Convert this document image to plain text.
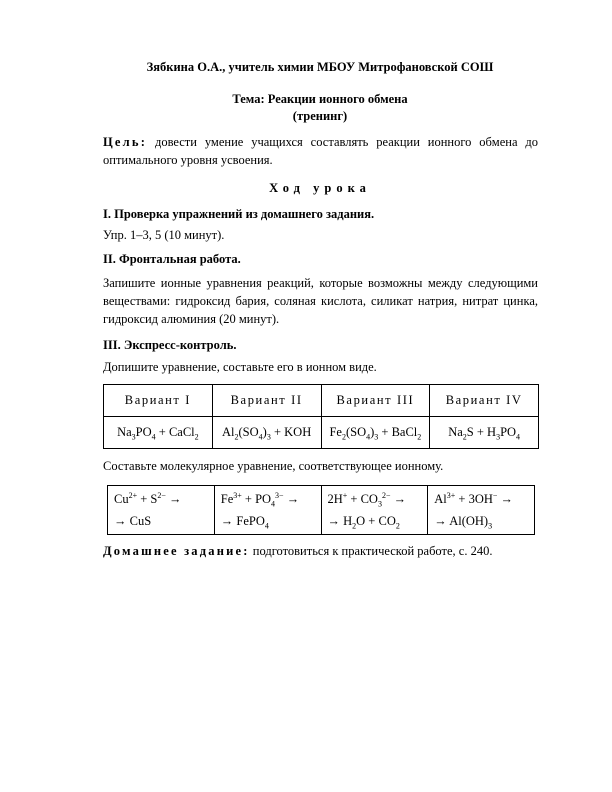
Зябкина О.А., учитель химии МБОУ Митрофановской СОШ
Тема: Реакции ионного обмена
(тренинг)
Цель: довести умение учащихся составлять реакции ионного обмена до
оптимального уровня усвоения.
Ход урока
I. Проверка упражнений из домашнего задания.
Упр. 1–3, 5 (10 минут).
II. Фронтальная работа.
Запишите ионные уравнения реакций, которые возможны между следующими
веществами: гидроксид бария, соляная кислота, силикат натрия, нитрат цинка,
гидроксид алюминия (20 минут).
III. Экспресс-контроль.
Допишите уравнение, составьте его в ионном виде.
Вариант I	Вариант II	Вариант III	Вариант IV
$Na_3PO_4$ + CaCl$_2$	$Al_2(SO_4)_3$ + KOH	$Fe_2(SO_4)_3$ + BaCl$_2$	$Na_2S + H_3PO_4$
Составьте молекулярное уравнение, соответствующее ионному.
$Cu^{2+} + S^{2-}$ →
→ CuS

$Fe^{3+} + PO_4^{3-}$ →
→ FePO$_4$

$2H^+ + CO_3^{2-}$ →
→ $H_2O + CO_2$

$Al^{3+} + 3OH^-$ →
→ $Al(OH)_3$
Домашнее задание: подготовиться к практической работе, с. 240.
